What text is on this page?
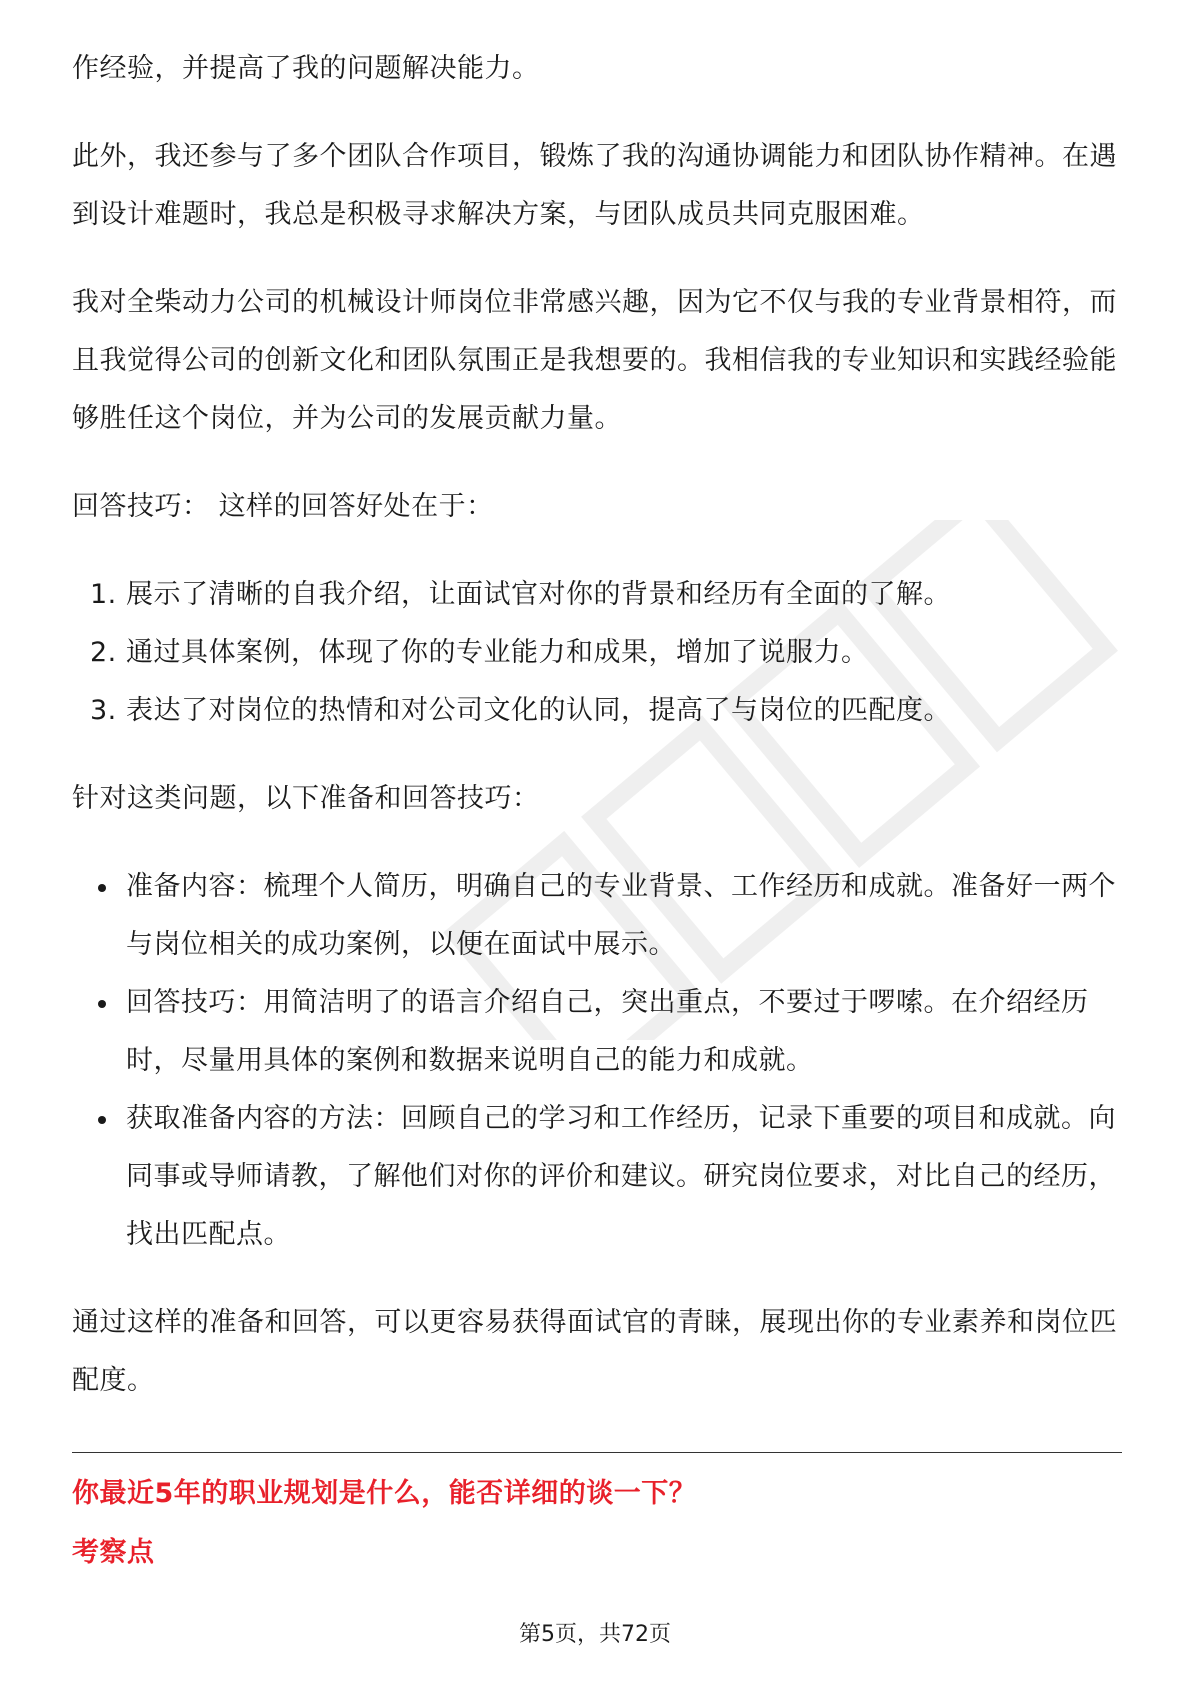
作经验，并提高了我的问题解决能力。

此外，我还参与了多个团队合作项目，锻炼了我的沟通协调能力和团队协作精神。在遇到设计难题时，我总是积极寻求解决方案，与团队成员共同克服困难。

我对全柴动力公司的机械设计师岗位非常感兴趣，因为它不仅与我的专业背景相符，而且我觉得公司的创新文化和团队氛围正是我想要的。我相信我的专业知识和实践经验能够胜任这个岗位，并为公司的发展贡献力量。

回答技巧： 这样的回答好处在于：

1. 展示了清晰的自我介绍，让面试官对你的背景和经历有全面的了解。
2. 通过具体案例，体现了你的专业能力和成果，增加了说服力。
3. 表达了对岗位的热情和对公司文化的认同，提高了与岗位的匹配度。

针对这类问题，以下准备和回答技巧：

准备内容：梳理个人简历，明确自己的专业背景、工作经历和成就。准备好一两个与岗位相关的成功案例，以便在面试中展示。
回答技巧：用简洁明了的语言介绍自己，突出重点，不要过于啰嗦。在介绍经历时，尽量用具体的案例和数据来说明自己的能力和成就。
获取准备内容的方法：回顾自己的学习和工作经历，记录下重要的项目和成就。向同事或导师请教，了解他们对你的评价和建议。研究岗位要求，对比自己的经历，找出匹配点。

通过这样的准备和回答，可以更容易获得面试官的青睐，展现出你的专业素养和岗位匹配度。

你最近5年的职业规划是什么，能否详细的谈一下？
考察点
第5页，共72页
